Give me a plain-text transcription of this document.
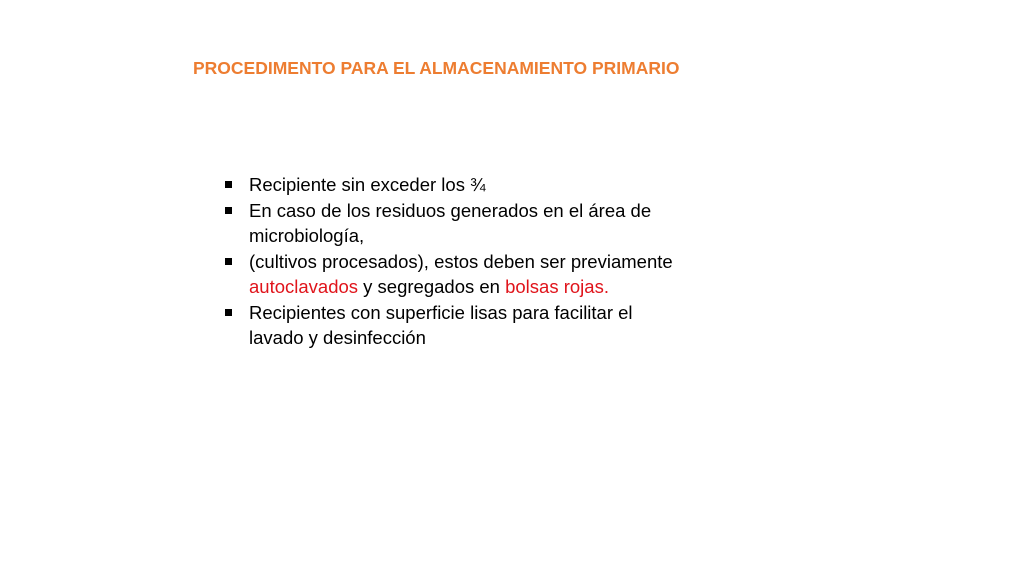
PROCEDIMENTO PARA EL ALMACENAMIENTO PRIMARIO
Recipiente sin exceder los ¾
En caso de los residuos generados en el área de microbiología,
(cultivos procesados), estos deben ser previamente autoclavados y segregados en bolsas rojas.
Recipientes con superficie lisas para facilitar el lavado y desinfección
